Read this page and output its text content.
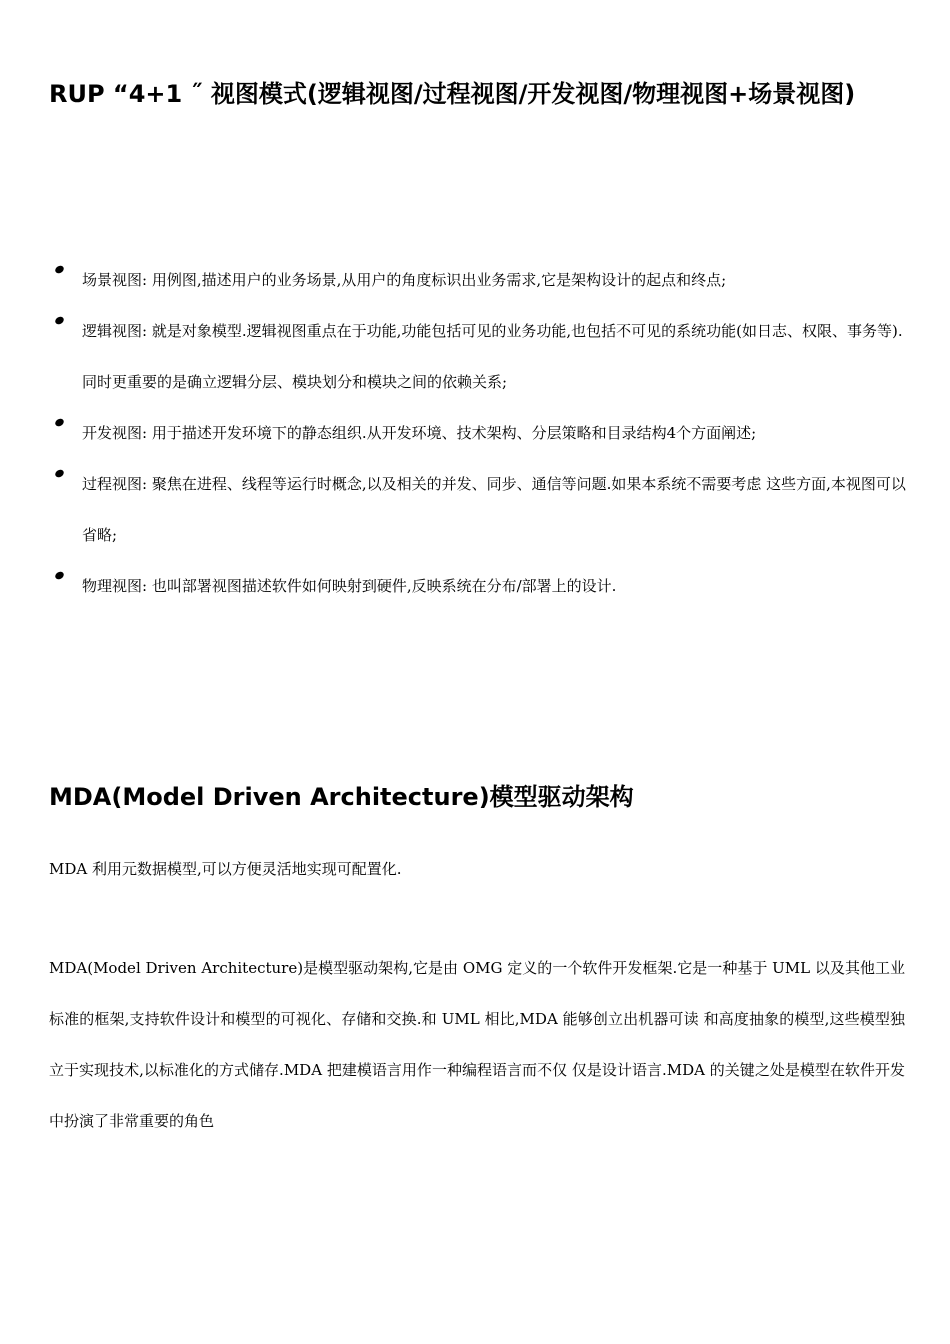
RUP “4+1 ˝ 视图模式(逻辑视图/过程视图/开发视图/物理视图+场景视图)
场景视图: 用例图,描述用户的业务场景,从用户的角度标识出业务需求,它是架构设计的起点和终点;
逻辑视图: 就是对象模型.逻辑视图重点在于功能,功能包括可见的业务功能,也包括不可见的系统功能(如日志、权限、事务等).同时更重要的是确立逻辑分层、模块划分和模块之间的依赖关系;
开发视图: 用于描述开发环境下的静态组织.从开发环境、技术架构、分层策略和目录结构4个方面阐述;
过程视图: 聚焦在进程、线程等运行时概念,以及相关的并发、同步、通信等问题.如果本系统不需要考虑 这些方面,本视图可以省略;
物理视图: 也叫部署视图描述软件如何映射到硬件,反映系统在分布/部署上的设计.
MDA(Model Driven Architecture)模型驱动架构

MDA 利用元数据模型,可以方便灵活地实现可配置化.

MDA(Model Driven Architecture)是模型驱动架构,它是由 OMG 定义的一个软件开发框架.它是一种基于 UML 以及其他工业标准的框架,支持软件设计和模型的可视化、存储和交换.和 UML 相比,MDA 能够创立出机器可读 和高度抽象的模型,这些模型独立于实现技术,以标准化的方式储存.MDA 把建模语言用作一种编程语言而不仅 仅是设计语言.MDA 的关键之处是模型在软件开发中扮演了非常重要的角色
